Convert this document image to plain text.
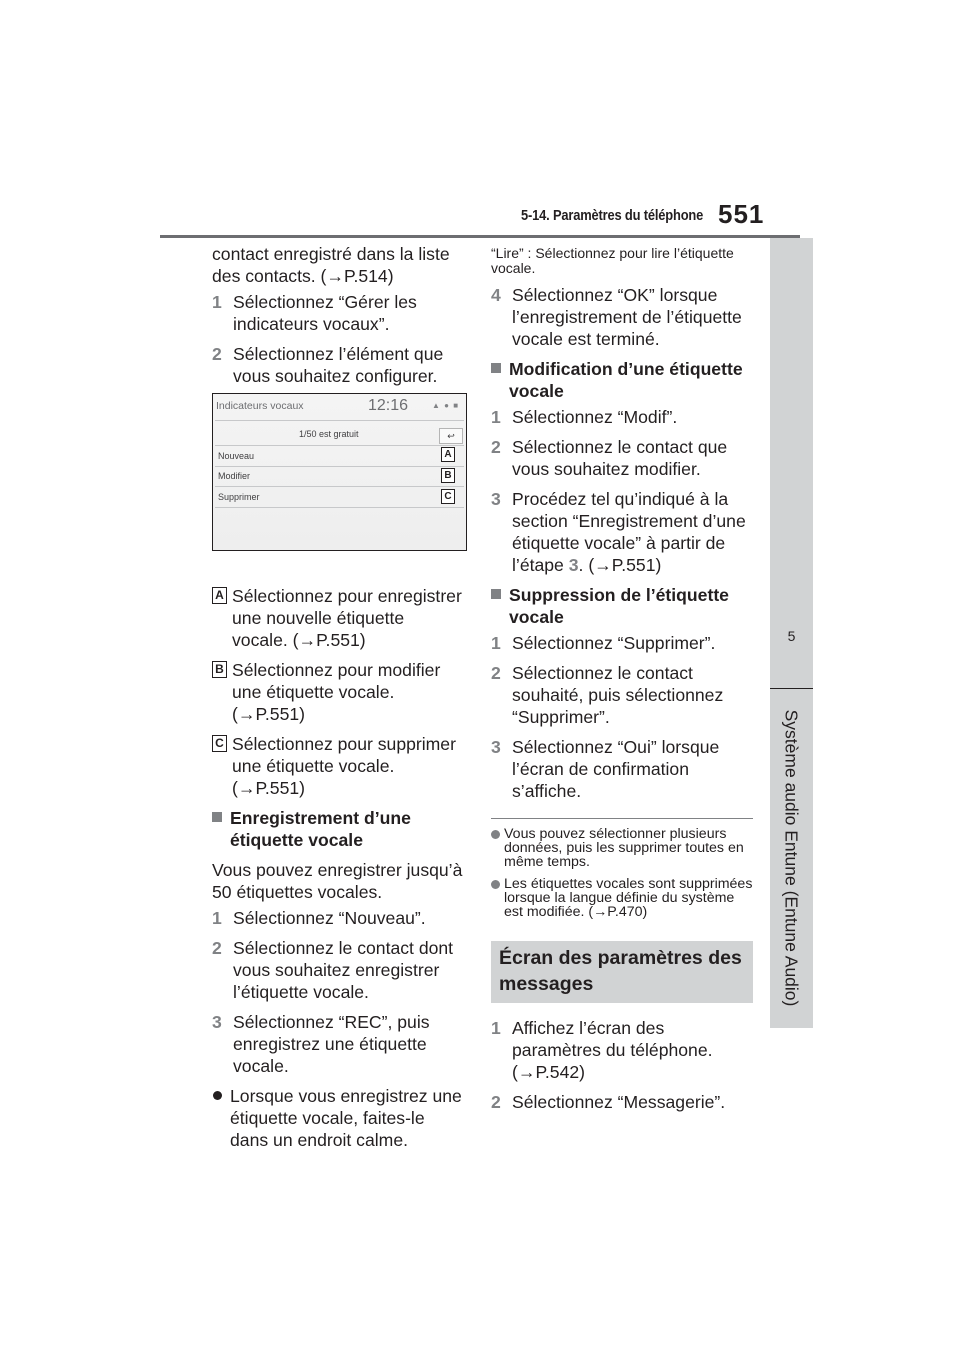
5-14. Paramètres du téléphone 551
5
Système audio Entune (Entune Audio)

contact enregistré dans la liste

des contacts. (→P.514)

1 Sélectionnez “Gérer les indicateurs vocaux”.
2 Sélectionnez l’élément que vous souhaitez configurer.
A Sélectionnez pour enregistrer une nouvelle étiquette vocale. (→P.551)
B Sélectionnez pour modifier une étiquette vocale. (→P.551)
C Sélectionnez pour supprimer une étiquette vocale. (→P.551)
Enregistrement d’une étiquette vocale

Vous pouvez enregistrer jusqu’à 50 étiquettes vocales.

1 Sélectionnez “Nouveau”.
2 Sélectionnez le contact dont vous souhaitez enregistrer l’étiquette vocale.
3 Sélectionnez “REC”, puis enregistrez une étiquette vocale.
Lorsque vous enregistrez une étiquette vocale, faites-le dans un endroit calme.
Indicateurs vocaux	12:16	▲ ● ■
1/50 est gratuit	↩
Nouveau	A
Modifier	B
Supprimer	C

“Lire” : Sélectionnez pour lire l’étiquette vocale.

4 Sélectionnez “OK” lorsque l’enregistrement de l’étiquette vocale est terminé.
Modification d’une étiquette vocale
1 Sélectionnez “Modif”.
2 Sélectionnez le contact que vous souhaitez modifier.
3 Procédez tel qu’indiqué à la section “Enregistrement d’une étiquette vocale” à partir de l’étape 3. (→P.551)
Suppression de l’étiquette vocale
1 Sélectionnez “Supprimer”.
2 Sélectionnez le contact souhaité, puis sélectionnez “Supprimer”.
3 Sélectionnez “Oui” lorsque l’écran de confirmation s’affiche.
Vous pouvez sélectionner plusieurs données, puis les supprimer toutes en même temps.
Les étiquettes vocales sont supprimées lorsque la langue définie du système est modifiée. (→P.470)
Écran des paramètres des messages
1 Affichez l’écran des paramètres du téléphone. (→P.542)
2 Sélectionnez “Messagerie”.
